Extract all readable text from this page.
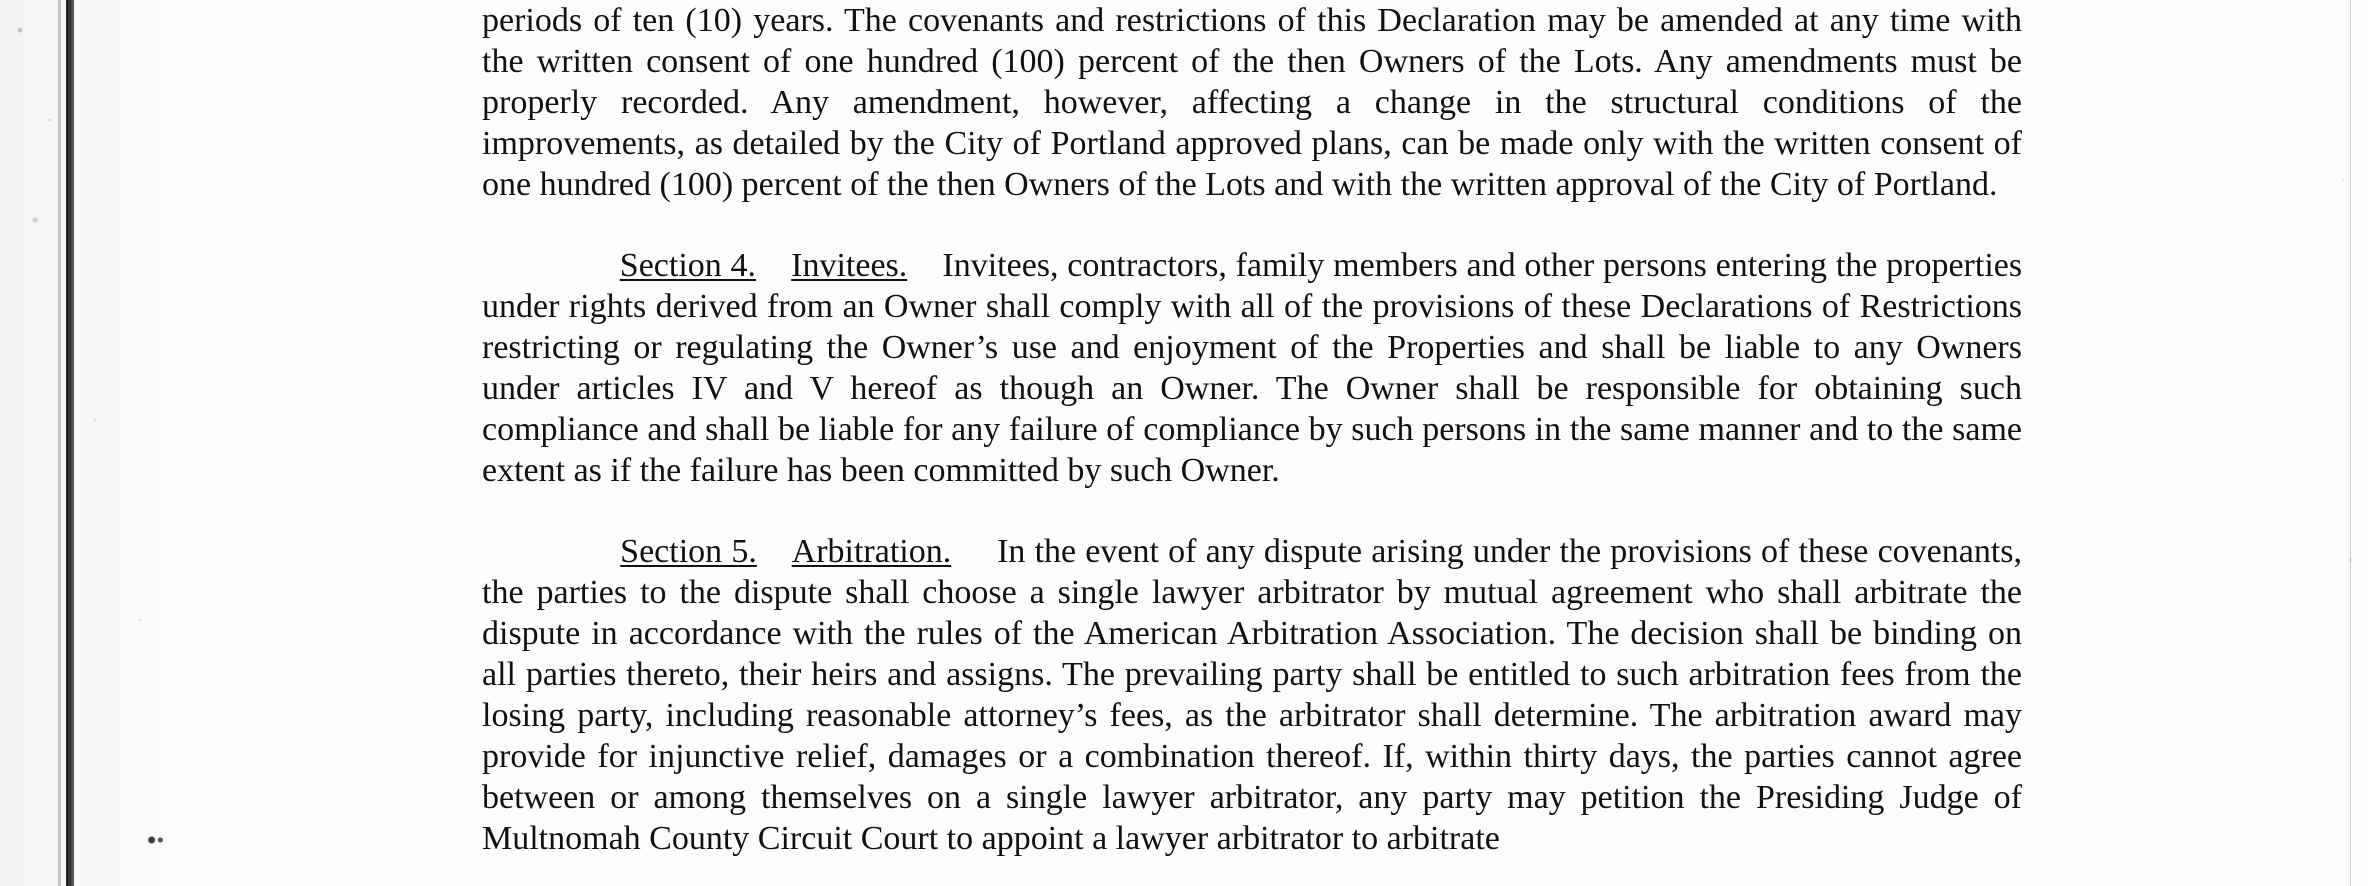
periods of ten (10) years. The covenants and restrictions of this Declaration may be amended at any time with the written consent of one hundred (100) percent of the then Owners of the Lots. Any amendments must be properly recorded. Any amendment, however, affecting a change in the structural conditions of the improvements, as detailed by the City of Portland approved plans, can be made only with the written consent of one hundred (100) percent of the then Owners of the Lots and with the written approval of the City of Portland.

Section 4. Invitees. Invitees, contractors, family members and other persons entering the properties under rights derived from an Owner shall comply with all of the provisions of these Declarations of Restrictions restricting or regulating the Owner’s use and enjoyment of the Properties and shall be liable to any Owners under articles IV and V hereof as though an Owner. The Owner shall be responsible for obtaining such compliance and shall be liable for any failure of compliance by such persons in the same manner and to the same extent as if the failure has been committed by such Owner.

Section 5. Arbitration. In the event of any dispute arising under the provisions of these covenants, the parties to the dispute shall choose a single lawyer arbitrator by mutual agreement who shall arbitrate the dispute in accordance with the rules of the American Arbitration Association. The decision shall be binding on all parties thereto, their heirs and assigns. The prevailing party shall be entitled to such arbitration fees from the losing party, including reasonable attorney’s fees, as the arbitrator shall determine. The arbitration award may provide for injunctive relief, damages or a combination thereof. If, within thirty days, the parties cannot agree between or among themselves on a single lawyer arbitrator, any party may petition the Presiding Judge of Multnomah County Circuit Court to appoint a lawyer arbitrator to arbitrate
